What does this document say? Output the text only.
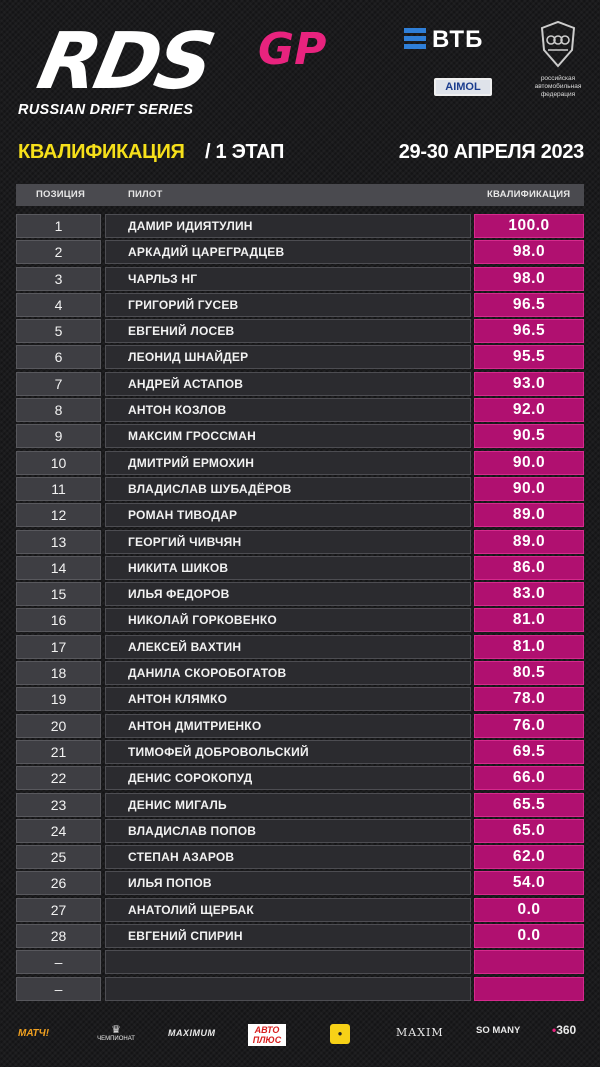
RDS GP
RUSSIAN DRIFT SERIES
ВТБ
AIMOL
российская автомобильная федерация
КВАЛИФИКАЦИЯ / 1 ЭТАП	29-30 АПРЕЛЯ 2023
ПОЗИЦИЯ	ПИЛОТ	КВАЛИФИКАЦИЯ
1	ДАМИР ИДИЯТУЛИН	100.0
2	АРКАДИЙ ЦАРЕГРАДЦЕВ	98.0
3	ЧАРЛЬЗ НГ	98.0
4	ГРИГОРИЙ ГУСЕВ	96.5
5	ЕВГЕНИЙ ЛОСЕВ	96.5
6	ЛЕОНИД ШНАЙДЕР	95.5
7	АНДРЕЙ АСТАПОВ	93.0
8	АНТОН КОЗЛОВ	92.0
9	МАКСИМ ГРОССМАН	90.5
10	ДМИТРИЙ ЕРМОХИН	90.0
11	ВЛАДИСЛАВ ШУБАДЁРОВ	90.0
12	РОМАН ТИВОДАР	89.0
13	ГЕОРГИЙ ЧИВЧЯН	89.0
14	НИКИТА ШИКОВ	86.0
15	ИЛЬЯ ФЕДОРОВ	83.0
16	НИКОЛАЙ ГОРКОВЕНКО	81.0
17	АЛЕКСЕЙ ВАХТИН	81.0
18	ДАНИЛА СКОРОБОГАТОВ	80.5
19	АНТОН КЛЯМКО	78.0
20	АНТОН ДМИТРИЕНКО	76.0
21	ТИМОФЕЙ ДОБРОВОЛЬСКИЙ	69.5
22	ДЕНИС СОРОКОПУД	66.0
23	ДЕНИС МИГАЛЬ	65.5
24	ВЛАДИСЛАВ ПОПОВ	65.0
25	СТЕПАН АЗАРОВ	62.0
26	ИЛЬЯ ПОПОВ	54.0
27	АНАТОЛИЙ ЩЕРБАК	0.0
28	ЕВГЕНИЙ СПИРИН	0.0
–
–
МАТЧ!	♛
ЧЕМПИОНАТ
MAXIMUM	АВТО ПЛЮС
●	MAXIM	SO MANY	•360
